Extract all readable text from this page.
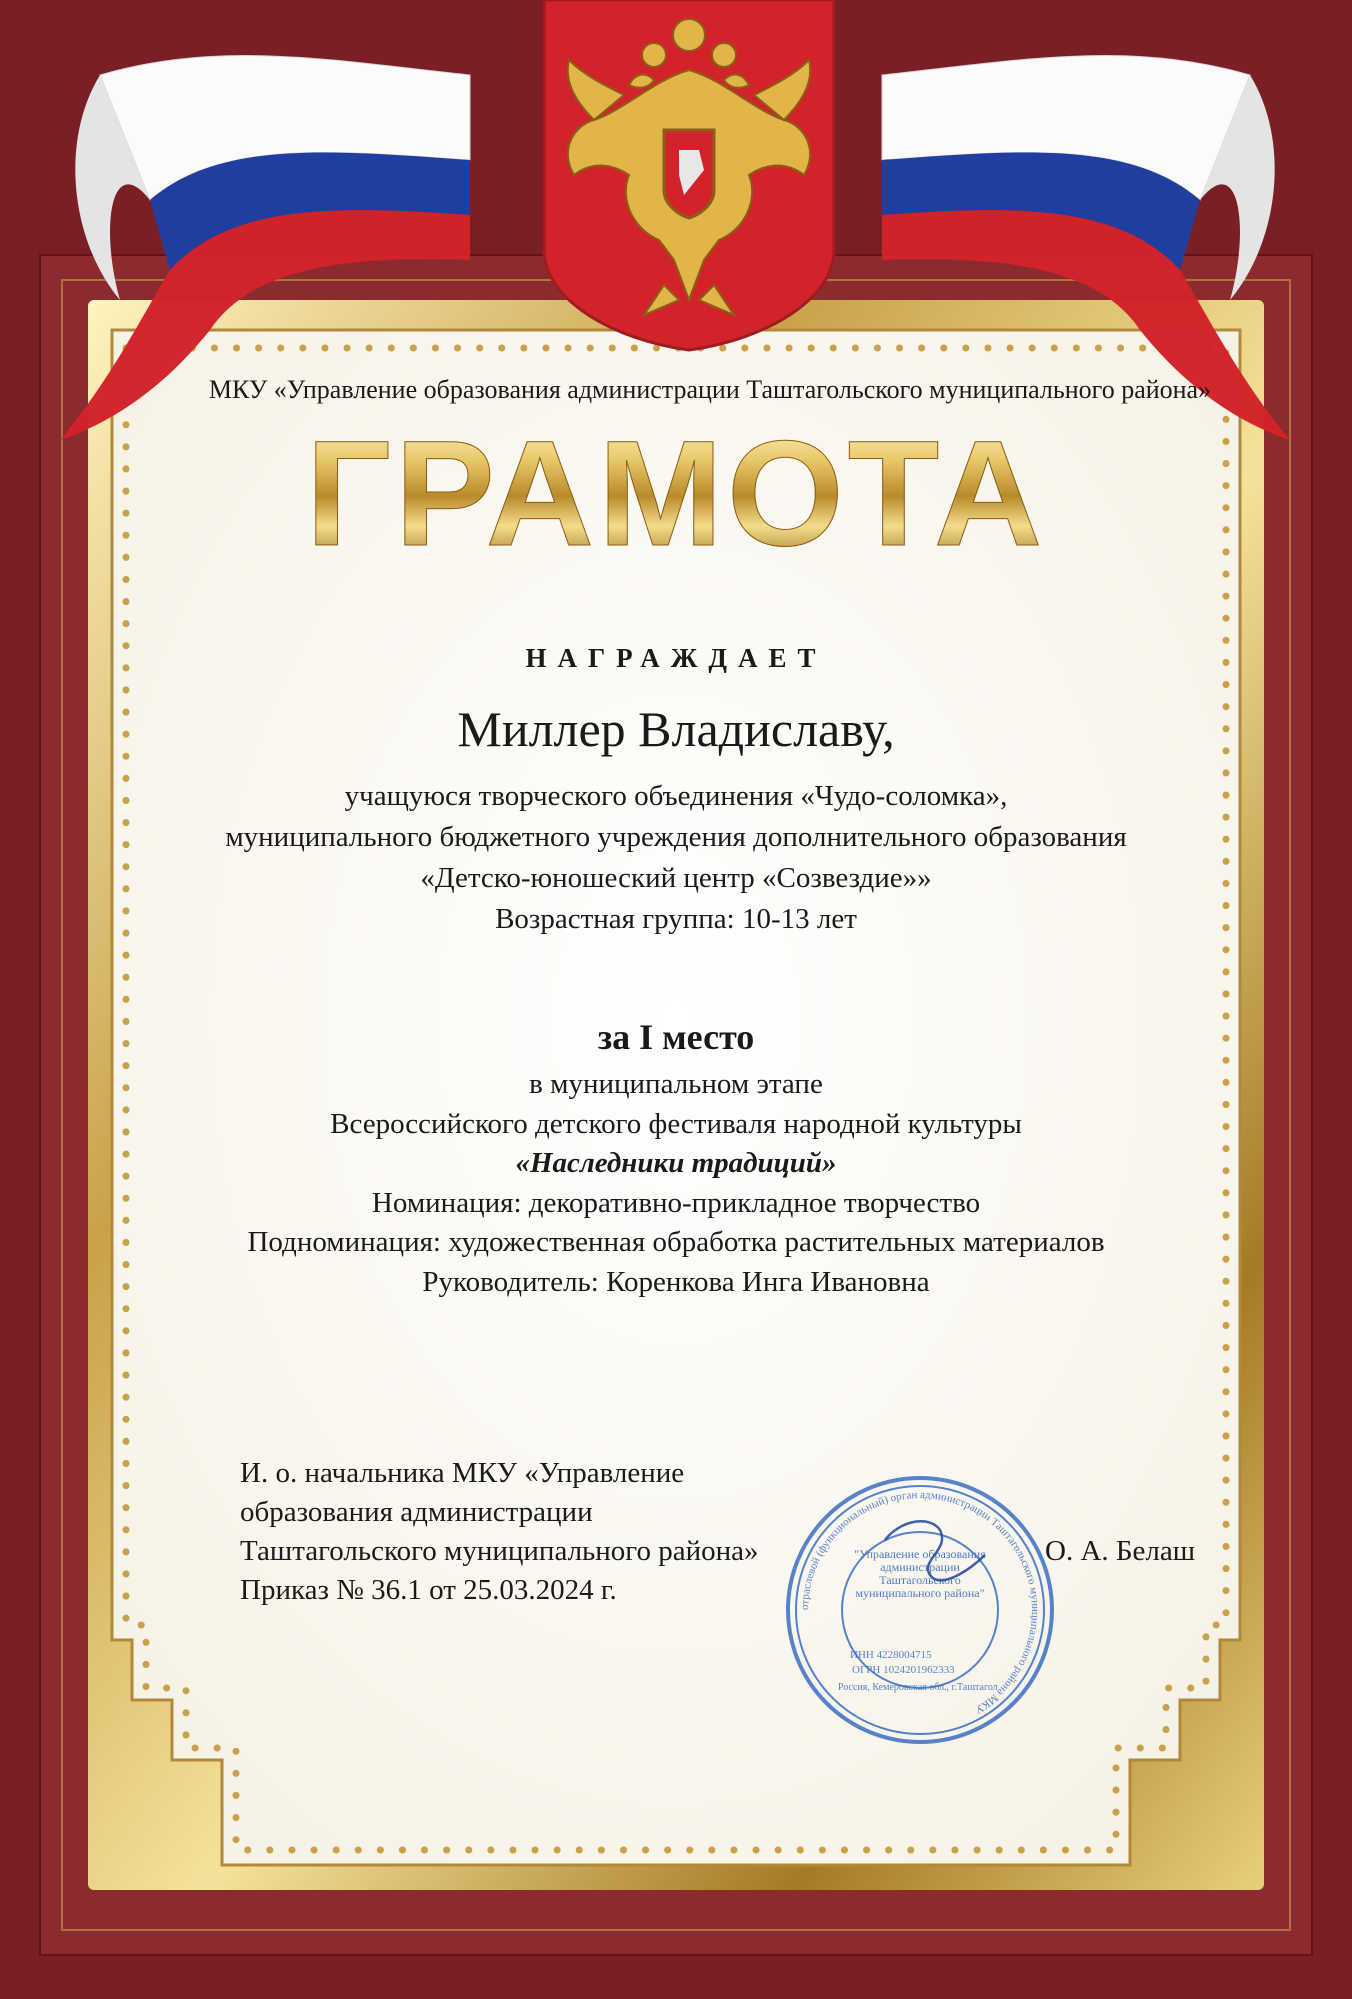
МКУ «Управление образования администрации Таштагольского муниципального района»
ГРАМОТА
НАГРАЖДАЕТ
Миллер Владиславу,
учащуюся творческого объединения «Чудо-соломка»,
муниципального бюджетного учреждения дополнительного образования
«Детско-юношеский центр «Созвездие»»
Возрастная группа: 10-13 лет
за I место
в муниципальном этапе
Всероссийского детского фестиваля народной культуры
«Наследники традиций»
Номинация: декоративно-прикладное творчество
Подноминация: художественная обработка растительных материалов
Руководитель: Коренкова Инга Ивановна
И. о. начальника МКУ «Управление
образования администрации
Таштагольского муниципального района»
Приказ № 36.1 от 25.03.2024 г.
О. А. Белаш
отраслевой (функциональный) орган администрации Таштагольского муниципального района МКУ
ИНН 4228004715
ОГРН 1024201962333
Россия, Кемеровская обл., г.Таштагол
"Управление образования администрации Таштагольского муниципального района"
